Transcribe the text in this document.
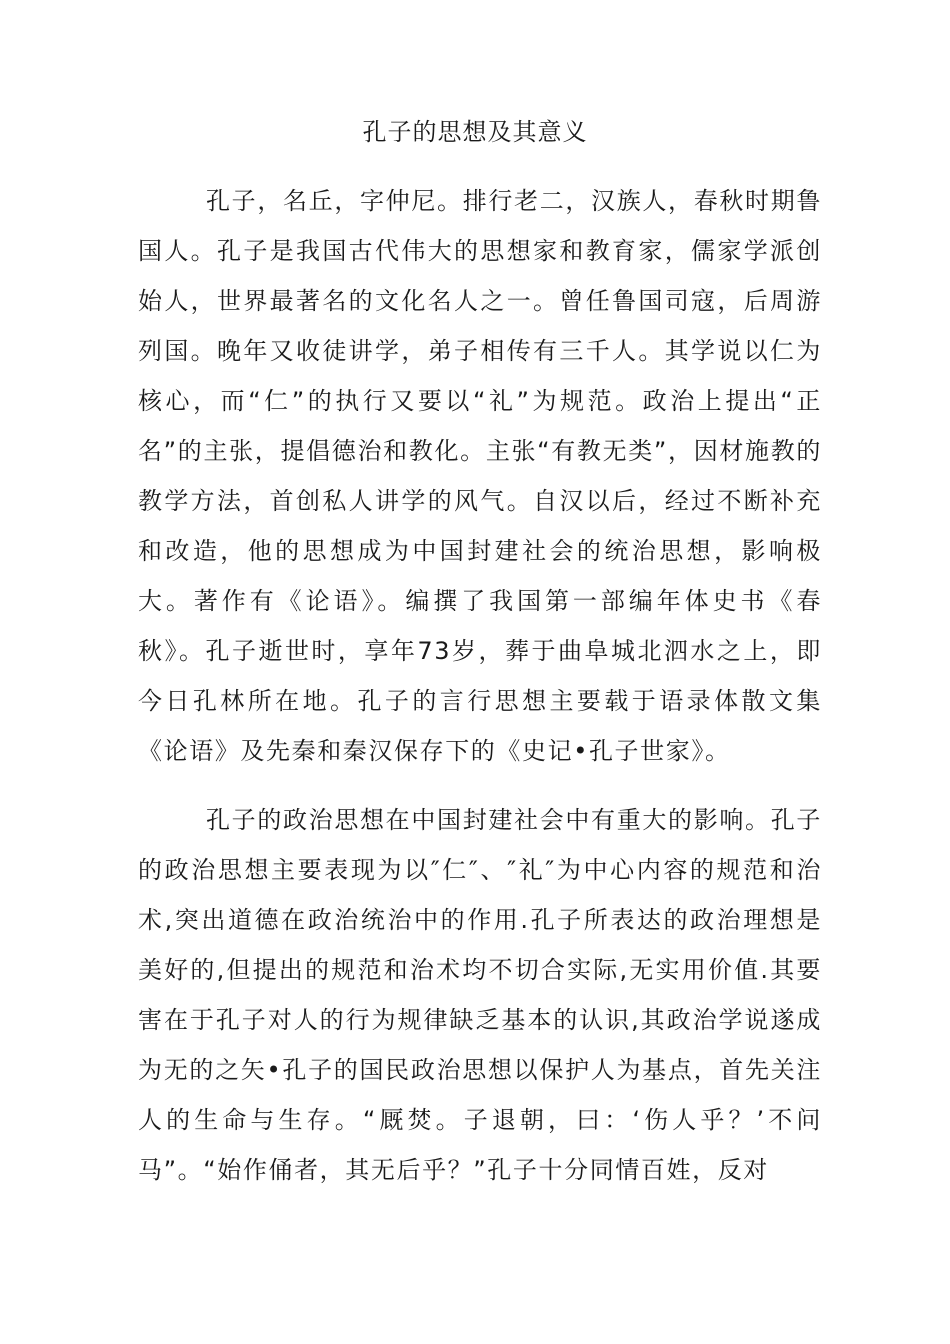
孔子的思想及其意义

孔子，名丘，字仲尼。排行老二，汉族人，春秋时期鲁国人。孔子是我国古代伟大的思想家和教育家，儒家学派创始人，世界最著名的文化名人之一。曾任鲁国司寇，后周游列国。晚年又收徒讲学，弟子相传有三千人。其学说以仁为核心，而“仁”的执行又要以“礼”为规范。政治上提出“正名”的主张，提倡德治和教化。主张“有教无类”，因材施教的教学方法，首创私人讲学的风气。自汉以后，经过不断补充和改造，他的思想成为中国封建社会的统治思想，影响极大。著作有《论语》。编撰了我国第一部编年体史书《春秋》。孔子逝世时，享年73岁，葬于曲阜城北泗水之上，即今日孔林所在地。孔子的言行思想主要载于语录体散文集《论语》及先秦和秦汉保存下的《史记•孔子世家》。

孔子的政治思想在中国封建社会中有重大的影响。孔子的政治思想主要表现为以″仁″、″礼″为中心内容的规范和治术,突出道德在政治统治中的作用.孔子所表达的政治理想是美好的,但提出的规范和治术均不切合实际,无实用价值.其要害在于孔子对人的行为规律缺乏基本的认识,其政治学说遂成为无的之矢•孔子的国民政治思想以保护人为基点，首先关注人的生命与生存。“厩焚。子退朝，曰：‘伤人乎？’不问马”。“始作俑者，其无后乎？”孔子十分同情百姓，反对
